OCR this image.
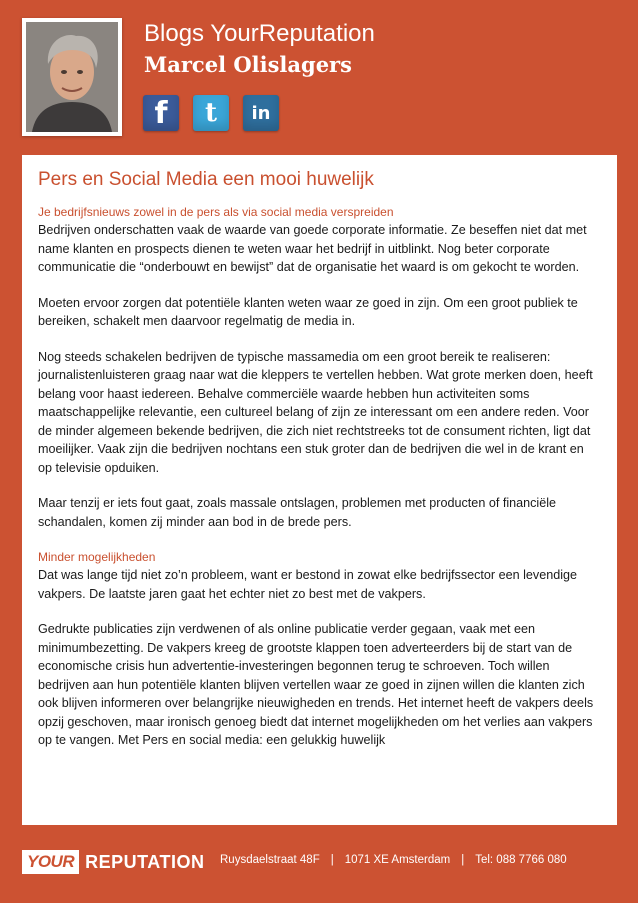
Blogs YourReputation
Marcel Olislagers
f	t	in
Pers en Social Media een mooi huwelijk

Je bedrijfsnieuws zowel in de pers als via social media verspreiden

Bedrijven onderschatten vaak de waarde van goede corporate informatie. Ze beseffen niet dat met name klanten en prospects dienen te weten waar het bedrijf in uitblinkt. Nog beter corporate communicatie die “onderbouwt en bewijst” dat de organisatie het waard is om gekocht te worden.

Moeten ervoor zorgen dat potentiële klanten weten waar ze goed in zijn. Om een groot publiek te bereiken, schakelt men daarvoor regelmatig de media in.

Nog steeds schakelen bedrijven de typische massamedia om een groot bereik te realiseren: journalistenluisteren graag naar wat die kleppers te vertellen hebben. Wat grote merken doen, heeft belang voor haast iedereen. Behalve commerciële waarde hebben hun activiteiten soms maatschappelijke relevantie, een cultureel belang of zijn ze interessant om een andere reden. Voor de minder algemeen bekende bedrijven, die zich niet rechtstreeks tot de consument richten, ligt dat moeilijker. Vaak zijn die bedrijven nochtans een stuk groter dan de bedrijven die wel in de krant en op televisie opduiken.

Maar tenzij er iets fout gaat, zoals massale ontslagen, problemen met producten of financiële schandalen, komen zij minder aan bod in de brede pers.

Minder mogelijkheden

Dat was lange tijd niet zo’n probleem, want er bestond in zowat elke bedrijfssector een levendige vakpers. De laatste jaren gaat het echter niet zo best met de vakpers.

Gedrukte publicaties zijn verdwenen of als online publicatie verder gegaan, vaak met een minimumbezetting. De vakpers kreeg de grootste klappen toen adverteerders bij de start van de economische crisis hun advertentie-investeringen begonnen terug te schroeven. Toch willen bedrijven aan hun potentiële klanten blijven vertellen waar ze goed in zijnen willen die klanten zich ook blijven informeren over belangrijke nieuwigheden en trends. Het internet heeft de vakpers deels opzij geschoven, maar ironisch genoeg biedt dat internet mogelijkheden om het verlies aan vakpers op te vangen. Met Pers en social media: een gelukkig huwelijk

YOUR REPUTATION Ruysdaelstraat 48F | 1071 XE Amsterdam | Tel: 088 7766 080
